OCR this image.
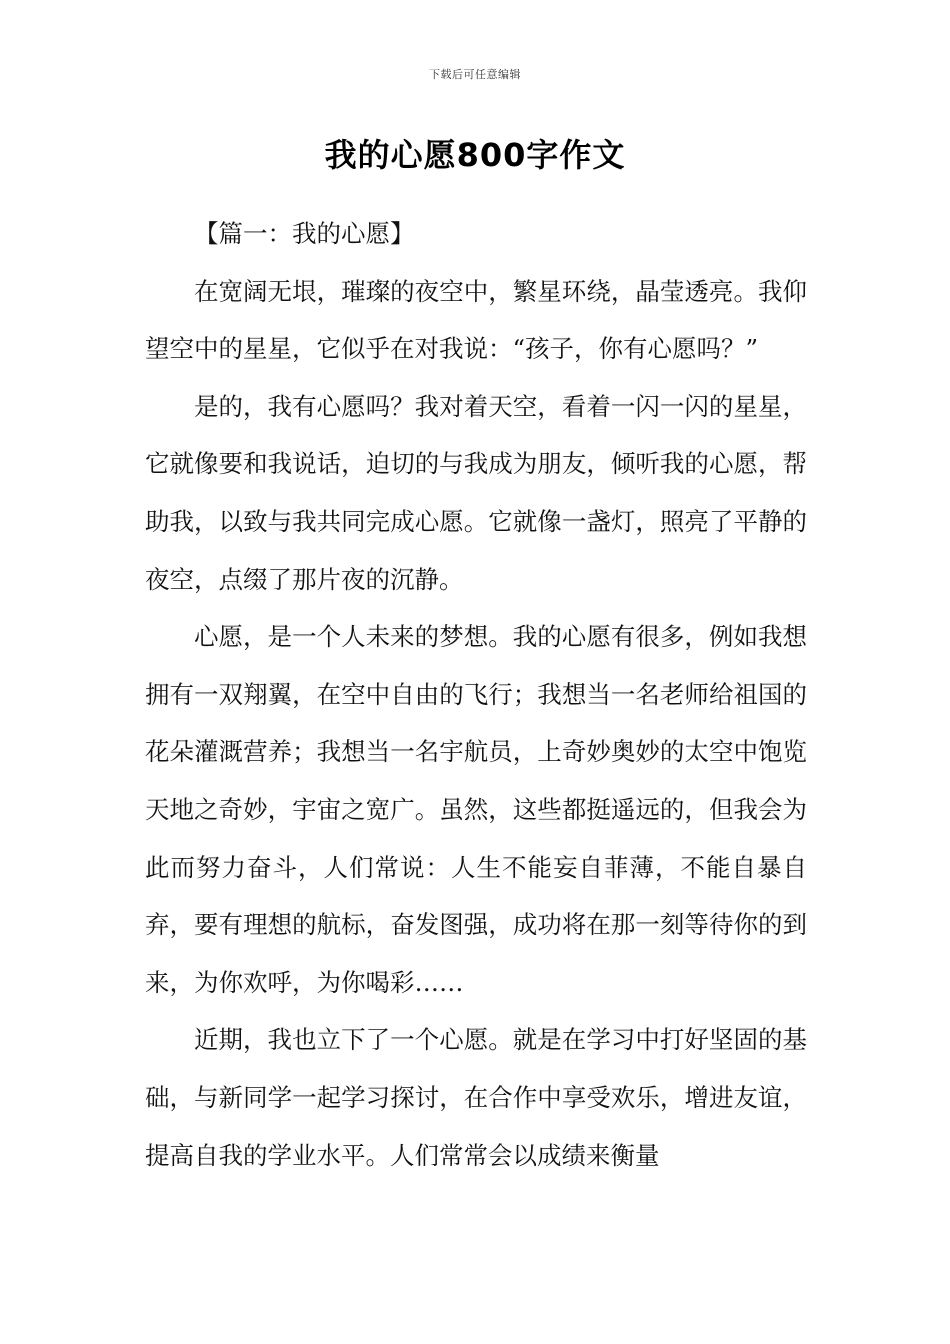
下载后可任意编辑
我的心愿800字作文

【篇一：我的心愿】

在宽阔无垠，璀璨的夜空中，繁星环绕，晶莹透亮。我仰望空中的星星，它似乎在对我说：“孩子，你有心愿吗？”

是的，我有心愿吗？我对着天空，看着一闪一闪的星星，它就像要和我说话，迫切的与我成为朋友，倾听我的心愿，帮助我，以致与我共同完成心愿。它就像一盏灯，照亮了平静的夜空，点缀了那片夜的沉静。

心愿，是一个人未来的梦想。我的心愿有很多，例如我想拥有一双翔翼，在空中自由的飞行；我想当一名老师给祖国的花朵灌溉营养；我想当一名宇航员，上奇妙奥妙的太空中饱览天地之奇妙，宇宙之宽广。虽然，这些都挺遥远的，但我会为此而努力奋斗，人们常说：人生不能妄自菲薄，不能自暴自弃，要有理想的航标，奋发图强，成功将在那一刻等待你的到来，为你欢呼，为你喝彩……

近期，我也立下了一个心愿。就是在学习中打好坚固的基础，与新同学一起学习探讨，在合作中享受欢乐，增进友谊，提高自我的学业水平。人们常常会以成绩来衡量
